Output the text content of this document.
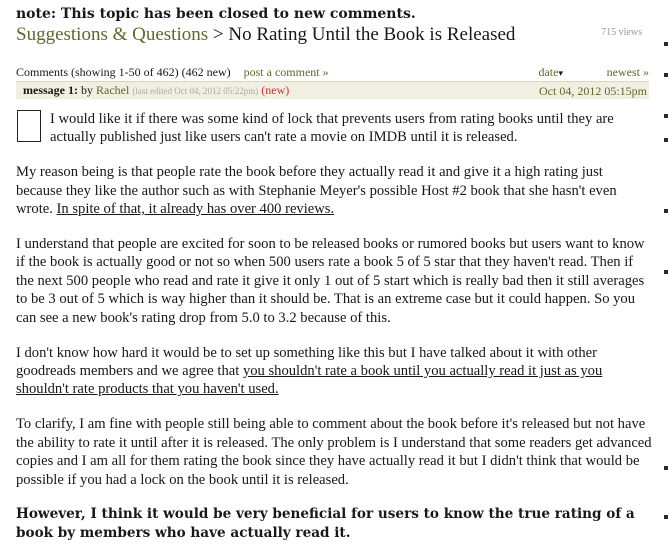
note: This topic has been closed to new comments.
Suggestions & Questions > No Rating Until the Book is Released	715 views
Comments (showing 1-50 of 462) (462 new) post a comment »	date▾	newest »
message 1: by Rachel (last edited Oct 04, 2012 05:22pm) (new)	Oct 04, 2012 05:15pm

I would like it if there was some kind of lock that prevents users from rating books until they are actually published just like users can't rate a movie on IMDB until it is released.

My reason being is that people rate the book before they actually read it and give it a high rating just because they like the author such as with Stephanie Meyer's possible Host #2 book that she hasn't even wrote. In spite of that, it already has over 400 reviews.

I understand that people are excited for soon to be released books or rumored books but users want to know if the book is actually good or not so when 500 users rate a book 5 of 5 star that they haven't read. Then if the next 500 people who read and rate it give it only 1 out of 5 start which is really bad then it still averages to be 3 out of 5 which is way higher than it should be. That is an extreme case but it could happen. So you can see a new book's rating drop from 5.0 to 3.2 because of this.

I don't know how hard it would be to set up something like this but I have talked about it with other goodreads members and we agree that you shouldn't rate a book until you actually read it just as you shouldn't rate products that you haven't used.

To clarify, I am fine with people still being able to comment about the book before it's released but not have the ability to rate it until after it is released. The only problem is I understand that some readers get advanced copies and I am all for them rating the book since they have actually read it but I didn't think that would be possible if you had a lock on the book until it is released.

However, I think it would be very beneficial for users to know the true rating of a book by members who have actually read it.
